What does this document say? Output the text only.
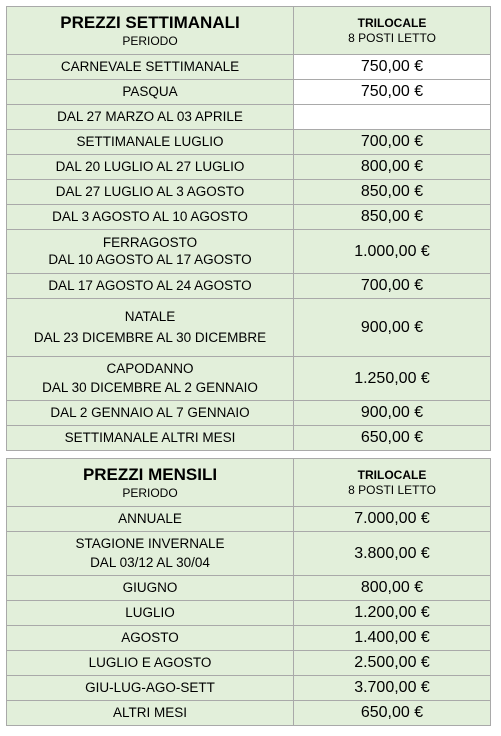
PREZZI SETTIMANALI
PERIODO	TRILOCALE
8 POSTI LETTO

CARNEVALE SETTIMANALE	750,00 €
PASQUA	750,00 €
DAL 27 MARZO AL 03 APRILE	
SETTIMANALE LUGLIO	700,00 €
DAL 20 LUGLIO AL 27 LUGLIO	800,00 €
DAL 27 LUGLIO AL 3 AGOSTO	850,00 €
DAL 3 AGOSTO AL 10 AGOSTO	850,00 €

FERRAGOSTO
DAL 10 AGOSTO AL 17 AGOSTO	1.000,00 €
DAL 17 AGOSTO AL 24 AGOSTO	700,00 €

NATALE
DAL 23 DICEMBRE AL 30 DICEMBRE	900,00 €

CAPODANNO
DAL 30 DICEMBRE AL 2 GENNAIO	1.250,00 €
DAL 2 GENNAIO AL 7 GENNAIO	900,00 €
SETTIMANALE ALTRI MESI	650,00 €
PREZZI MENSILI
PERIODO	TRILOCALE
8 POSTI LETTO

ANNUALE	7.000,00 €

STAGIONE INVERNALE
DAL 03/12 AL 30/04	3.800,00 €
GIUGNO	800,00 €
LUGLIO	1.200,00 €
AGOSTO	1.400,00 €
LUGLIO E AGOSTO	2.500,00 €
GIU-LUG-AGO-SETT	3.700,00 €
ALTRI MESI	650,00 €
